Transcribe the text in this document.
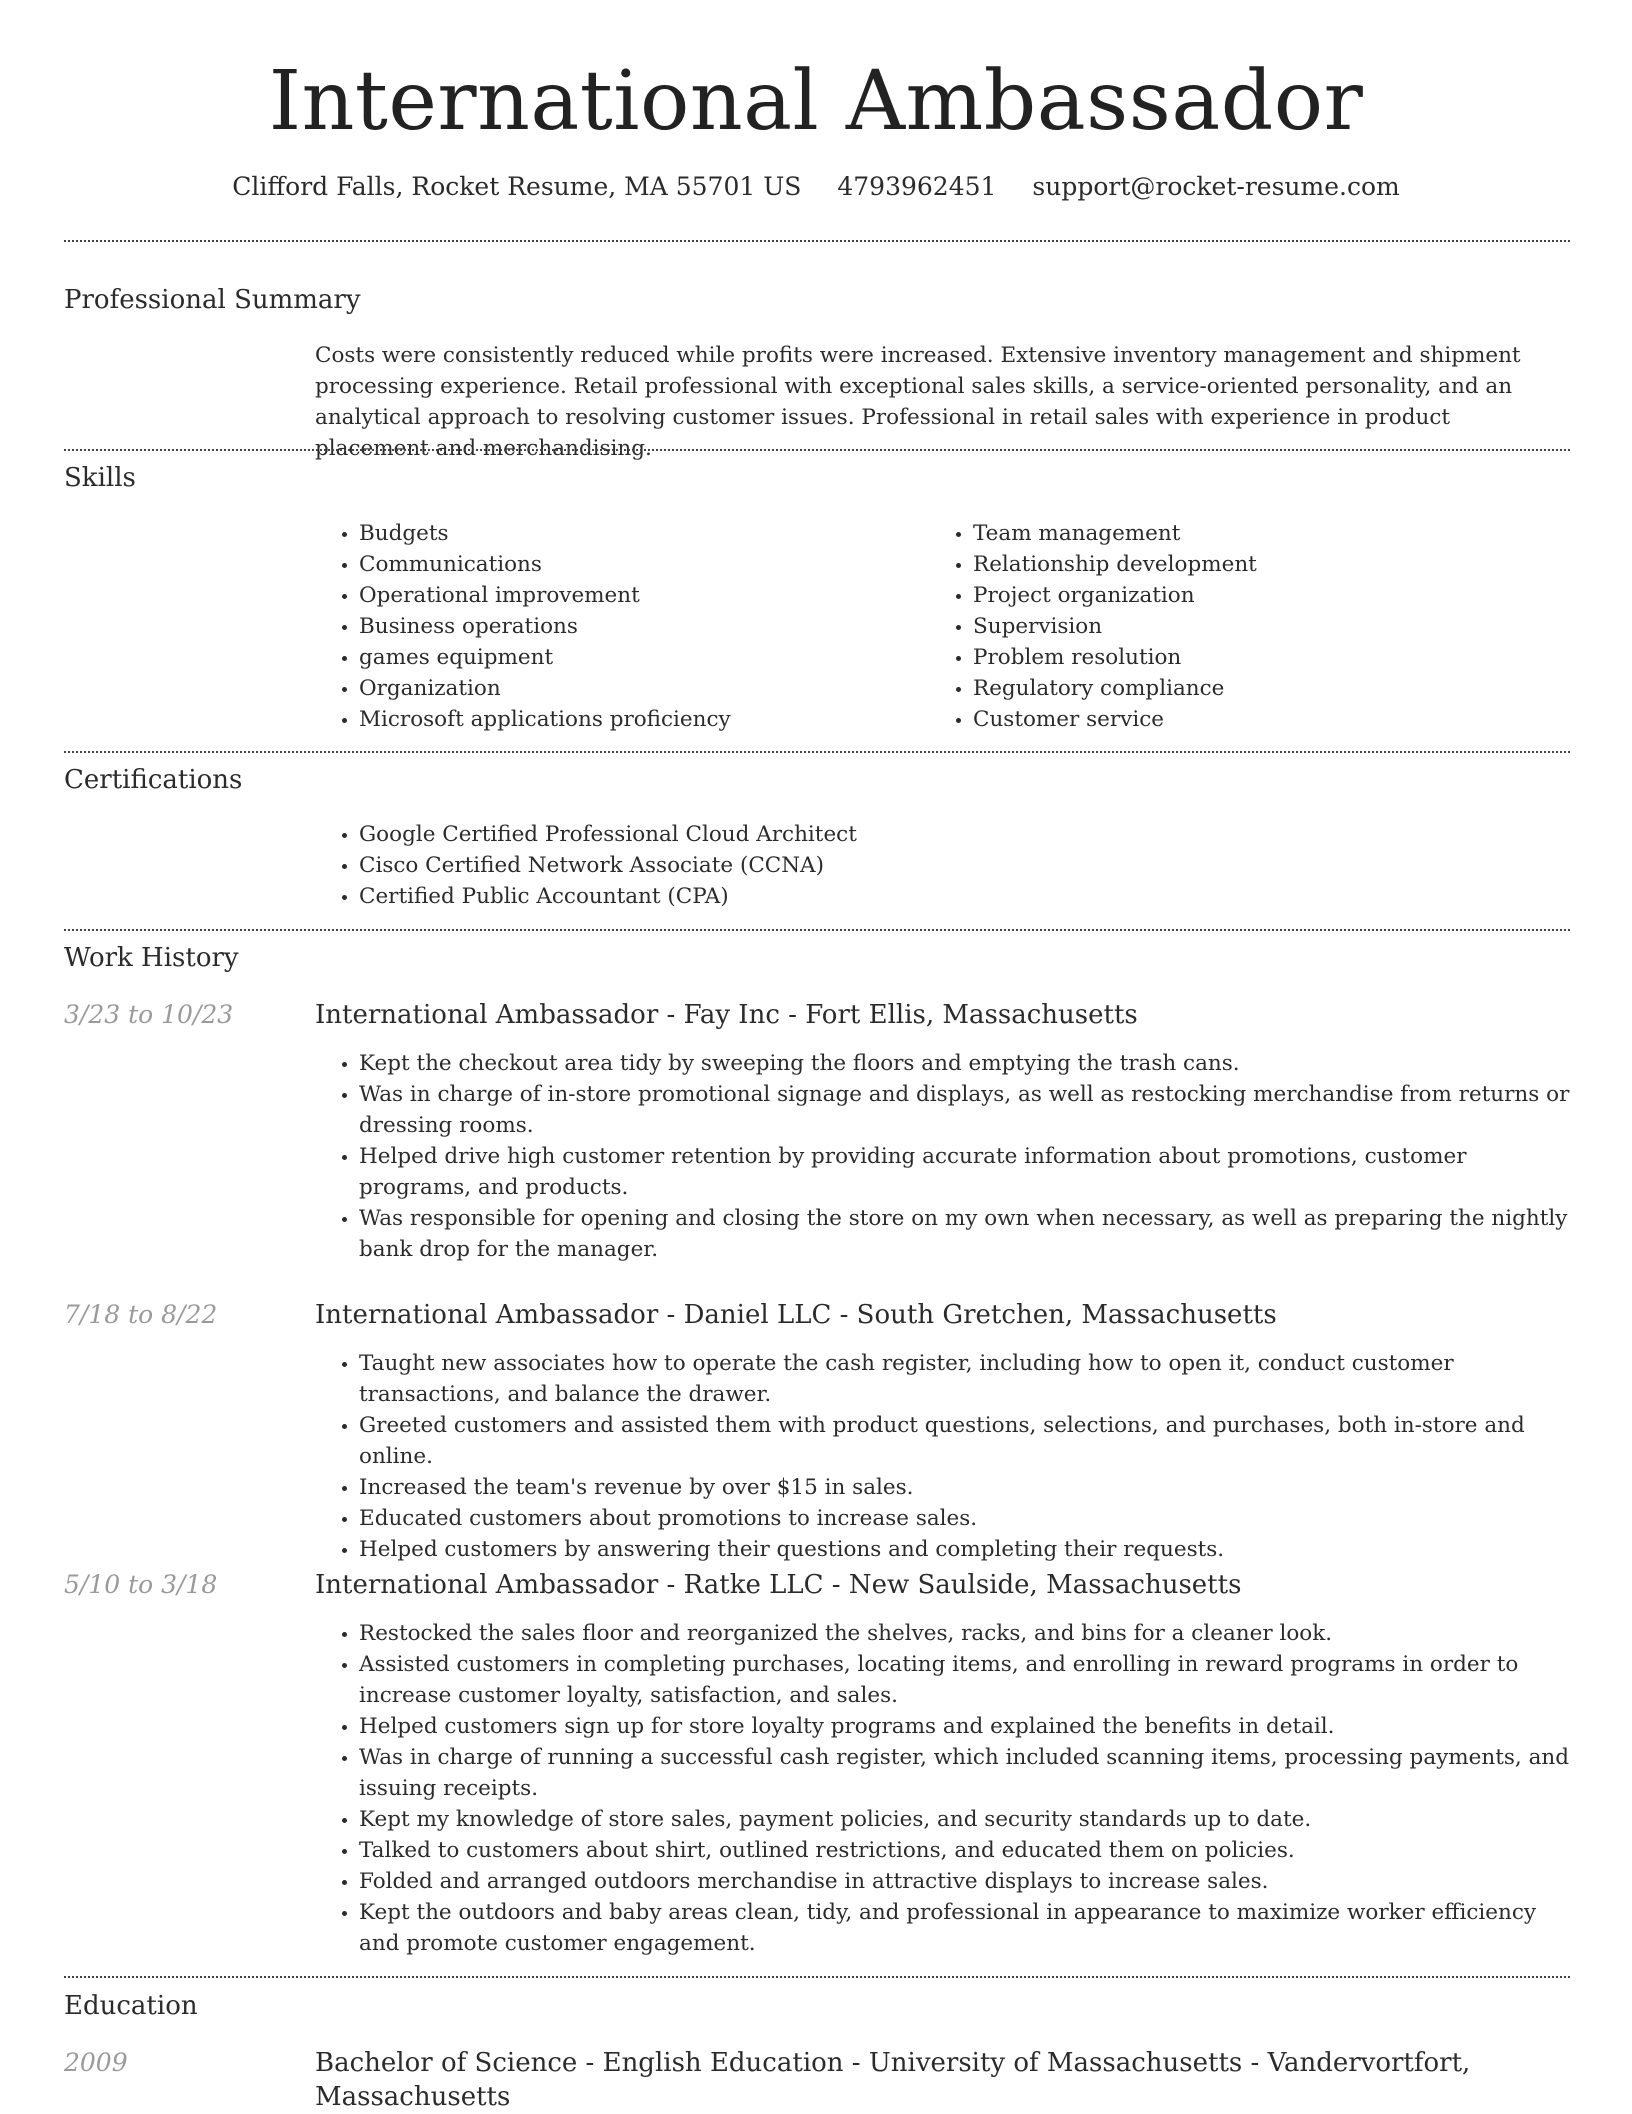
International Ambassador
Clifford Falls, Rocket Resume, MA 55701 US 4793962451 support@rocket-resume.com
Professional Summary

Costs were consistently reduced while profits were increased. Extensive inventory management and shipment processing experience. Retail professional with exceptional sales skills, a service-oriented personality, and an analytical approach to resolving customer issues. Professional in retail sales with experience in product placement and merchandising.

Skills
• Budgets
• Communications
• Operational improvement
• Business operations
• games equipment
• Organization
• Microsoft applications proficiency
• Team management
• Relationship development
• Project organization
• Supervision
• Problem resolution
• Regulatory compliance
• Customer service
Certifications
• Google Certified Professional Cloud Architect
• Cisco Certified Network Associate (CCNA)
• Certified Public Accountant (CPA)
Work History
3/23 to 10/23	International Ambassador - Fay Inc - Fort Ellis, Massachusetts
• Kept the checkout area tidy by sweeping the floors and emptying the trash cans.
• Was in charge of in-store promotional signage and displays, as well as restocking merchandise from returns or dressing rooms.
• Helped drive high customer retention by providing accurate information about promotions, customer programs, and products.
• Was responsible for opening and closing the store on my own when necessary, as well as preparing the nightly bank drop for the manager.
7/18 to 8/22	International Ambassador - Daniel LLC - South Gretchen, Massachusetts
• Taught new associates how to operate the cash register, including how to open it, conduct customer transactions, and balance the drawer.
• Greeted customers and assisted them with product questions, selections, and purchases, both in-store and online.
• Increased the team's revenue by over $15 in sales.
• Educated customers about promotions to increase sales.
• Helped customers by answering their questions and completing their requests.
5/10 to 3/18	International Ambassador - Ratke LLC - New Saulside, Massachusetts
• Restocked the sales floor and reorganized the shelves, racks, and bins for a cleaner look.
• Assisted customers in completing purchases, locating items, and enrolling in reward programs in order to increase customer loyalty, satisfaction, and sales.
• Helped customers sign up for store loyalty programs and explained the benefits in detail.
• Was in charge of running a successful cash register, which included scanning items, processing payments, and issuing receipts.
• Kept my knowledge of store sales, payment policies, and security standards up to date.
• Talked to customers about shirt, outlined restrictions, and educated them on policies.
• Folded and arranged outdoors merchandise in attractive displays to increase sales.
• Kept the outdoors and baby areas clean, tidy, and professional in appearance to maximize worker efficiency and promote customer engagement.
Education
2009	Bachelor of Science - English Education - University of Massachusetts - Vandervortfort, Massachusetts
